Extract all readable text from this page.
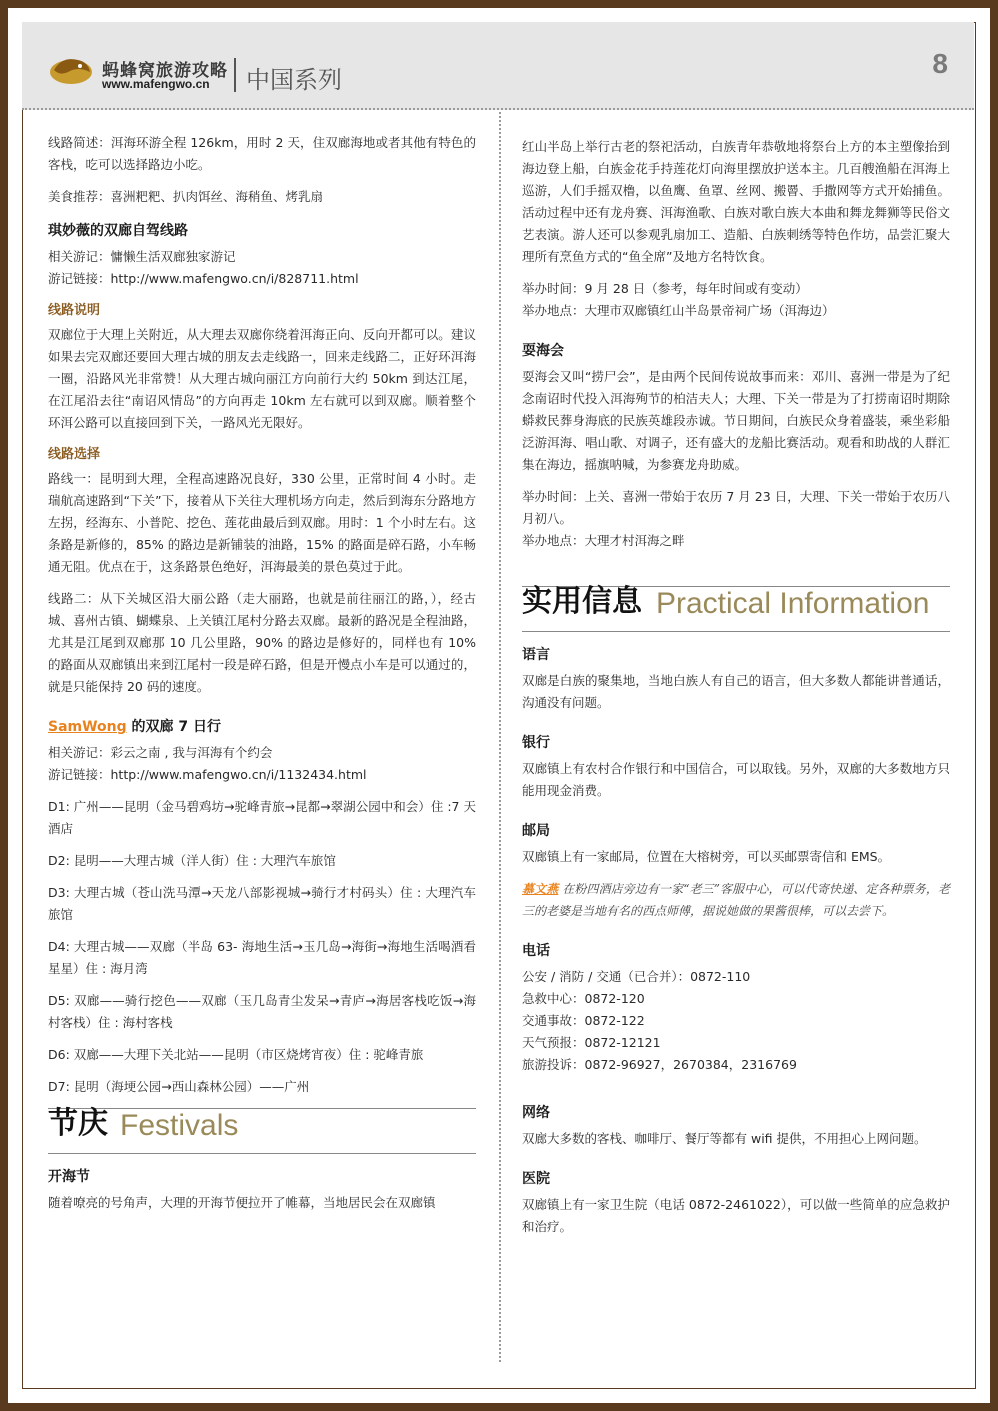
蚂蜂窝旅游攻略
www.mafengwo.cn 中国系列
8

线路简述：洱海环游全程 126km，用时 2 天，住双廊海地或者其他有特色的客栈，吃可以选择路边小吃。

美食推荐：喜洲粑粑、扒肉饵丝、海稍鱼、烤乳扇

琪妙薇的双廊自驾线路

相关游记：慵懒生活双廊独家游记

游记链接：http://www.mafengwo.cn/i/828711.html

线路说明

双廊位于大理上关附近，从大理去双廊你绕着洱海正向、反向开都可以。建议如果去完双廊还要回大理古城的朋友去走线路一，回来走线路二，正好环洱海一圈，沿路风光非常赞！从大理古城向丽江方向前行大约 50km 到达江尾，在江尾沿去往“南诏风情岛”的方向再走 10km 左右就可以到双廊。顺着整个环洱公路可以直接回到下关，一路风光无限好。

线路选择

路线一：昆明到大理，全程高速路况良好，330 公里，正常时间 4 小时。走瑞航高速路到“下关”下，接着从下关往大理机场方向走，然后到海东分路地方左拐，经海东、小普陀、挖色、莲花曲最后到双廊。用时：1 个小时左右。这条路是新修的，85% 的路边是新铺装的油路，15% 的路面是碎石路，小车畅通无阻。优点在于，这条路景色绝好，洱海最美的景色莫过于此。

线路二：从下关城区沿大丽公路（走大丽路，也就是前往丽江的路，），经古城、喜州古镇、蝴蝶泉、上关镇江尾村分路去双廊。最新的路况是全程油路，尤其是江尾到双廊那 10 几公里路，90% 的路边是修好的，同样也有 10% 的路面从双廊镇出来到江尾村一段是碎石路，但是开慢点小车是可以通过的，就是只能保持 20 码的速度。

SamWong 的双廊 7 日行

相关游记：彩云之南 , 我与洱海有个约会

游记链接：http://www.mafengwo.cn/i/1132434.html

D1: 广州——昆明（金马碧鸡坊→驼峰青旅→昆都→翠湖公园中和会）住 :7 天酒店

D2: 昆明——大理古城（洋人街）住 : 大理汽车旅馆

D3: 大理古城（苍山洗马潭→天龙八部影视城→骑行才村码头）住 : 大理汽车旅馆

D4: 大理古城——双廊（半岛 63- 海地生活→玉几岛→海街→海地生活喝酒看星星）住 : 海月湾

D5: 双廊——骑行挖色——双廊（玉几岛青尘发呆→青庐→海居客栈吃饭→海村客栈）住 : 海村客栈

D6: 双廊——大理下关北站——昆明（市区烧烤宵夜）住 : 驼峰青旅

D7: 昆明（海埂公园→西山森林公园）——广州

节庆 Festivals
开海节

随着嘹亮的号角声，大理的开海节便拉开了帷幕，当地居民会在双廊镇

红山半岛上举行古老的祭祀活动，白族青年恭敬地将祭台上方的本主塑像抬到海边登上船，白族金花手持莲花灯向海里摆放护送本主。几百艘渔船在洱海上巡游，人们手摇双橹，以鱼鹰、鱼罩、丝网、搬罾、手撒网等方式开始捕鱼。活动过程中还有龙舟赛、洱海渔歌、白族对歌白族大本曲和舞龙舞狮等民俗文艺表演。游人还可以参观乳扇加工、造船、白族刺绣等特色作坊，品尝汇聚大理所有烹鱼方式的“鱼全席”及地方名特饮食。

举办时间：9 月 28 日（参考，每年时间或有变动）

举办地点：大理市双廊镇红山半岛景帝祠广场（洱海边）

耍海会

耍海会又叫“捞尸会”，是由两个民间传说故事而来：邓川、喜洲一带是为了纪念南诏时代投入洱海殉节的柏洁夫人；大理、下关一带是为了打捞南诏时期除蟒救民葬身海底的民族英雄段赤诚。节日期间，白族民众身着盛装，乘坐彩船泛游洱海、唱山歌、对调子，还有盛大的龙船比赛活动。观看和助战的人群汇集在海边，摇旗呐喊，为参赛龙舟助威。

举办时间：上关、喜洲一带始于农历 7 月 23 日，大理、下关一带始于农历八月初八。

举办地点：大理才村洱海之畔

实用信息 Practical Information
语言

双廊是白族的聚集地，当地白族人有自己的语言，但大多数人都能讲普通话，沟通没有问题。

银行

双廊镇上有农村合作银行和中国信合，可以取钱。另外，双廊的大多数地方只能用现金消费。

邮局

双廊镇上有一家邮局，位置在大榕树旁，可以买邮票寄信和 EMS。

慕文燕 在粉四酒店旁边有一家“老三”客服中心，可以代寄快递、定各种票务，老三的老婆是当地有名的西点师傅，据说她做的果酱很棒，可以去尝下。

电话

公安 / 消防 / 交通（已合并）：0872-110

急救中心：0872-120

交通事故：0872-122

天气预报：0872-12121

旅游投诉：0872-96927，2670384，2316769

网络

双廊大多数的客栈、咖啡厅、餐厅等都有 wifi 提供，不用担心上网问题。

医院

双廊镇上有一家卫生院（电话 0872-2461022），可以做一些简单的应急救护和治疗。
